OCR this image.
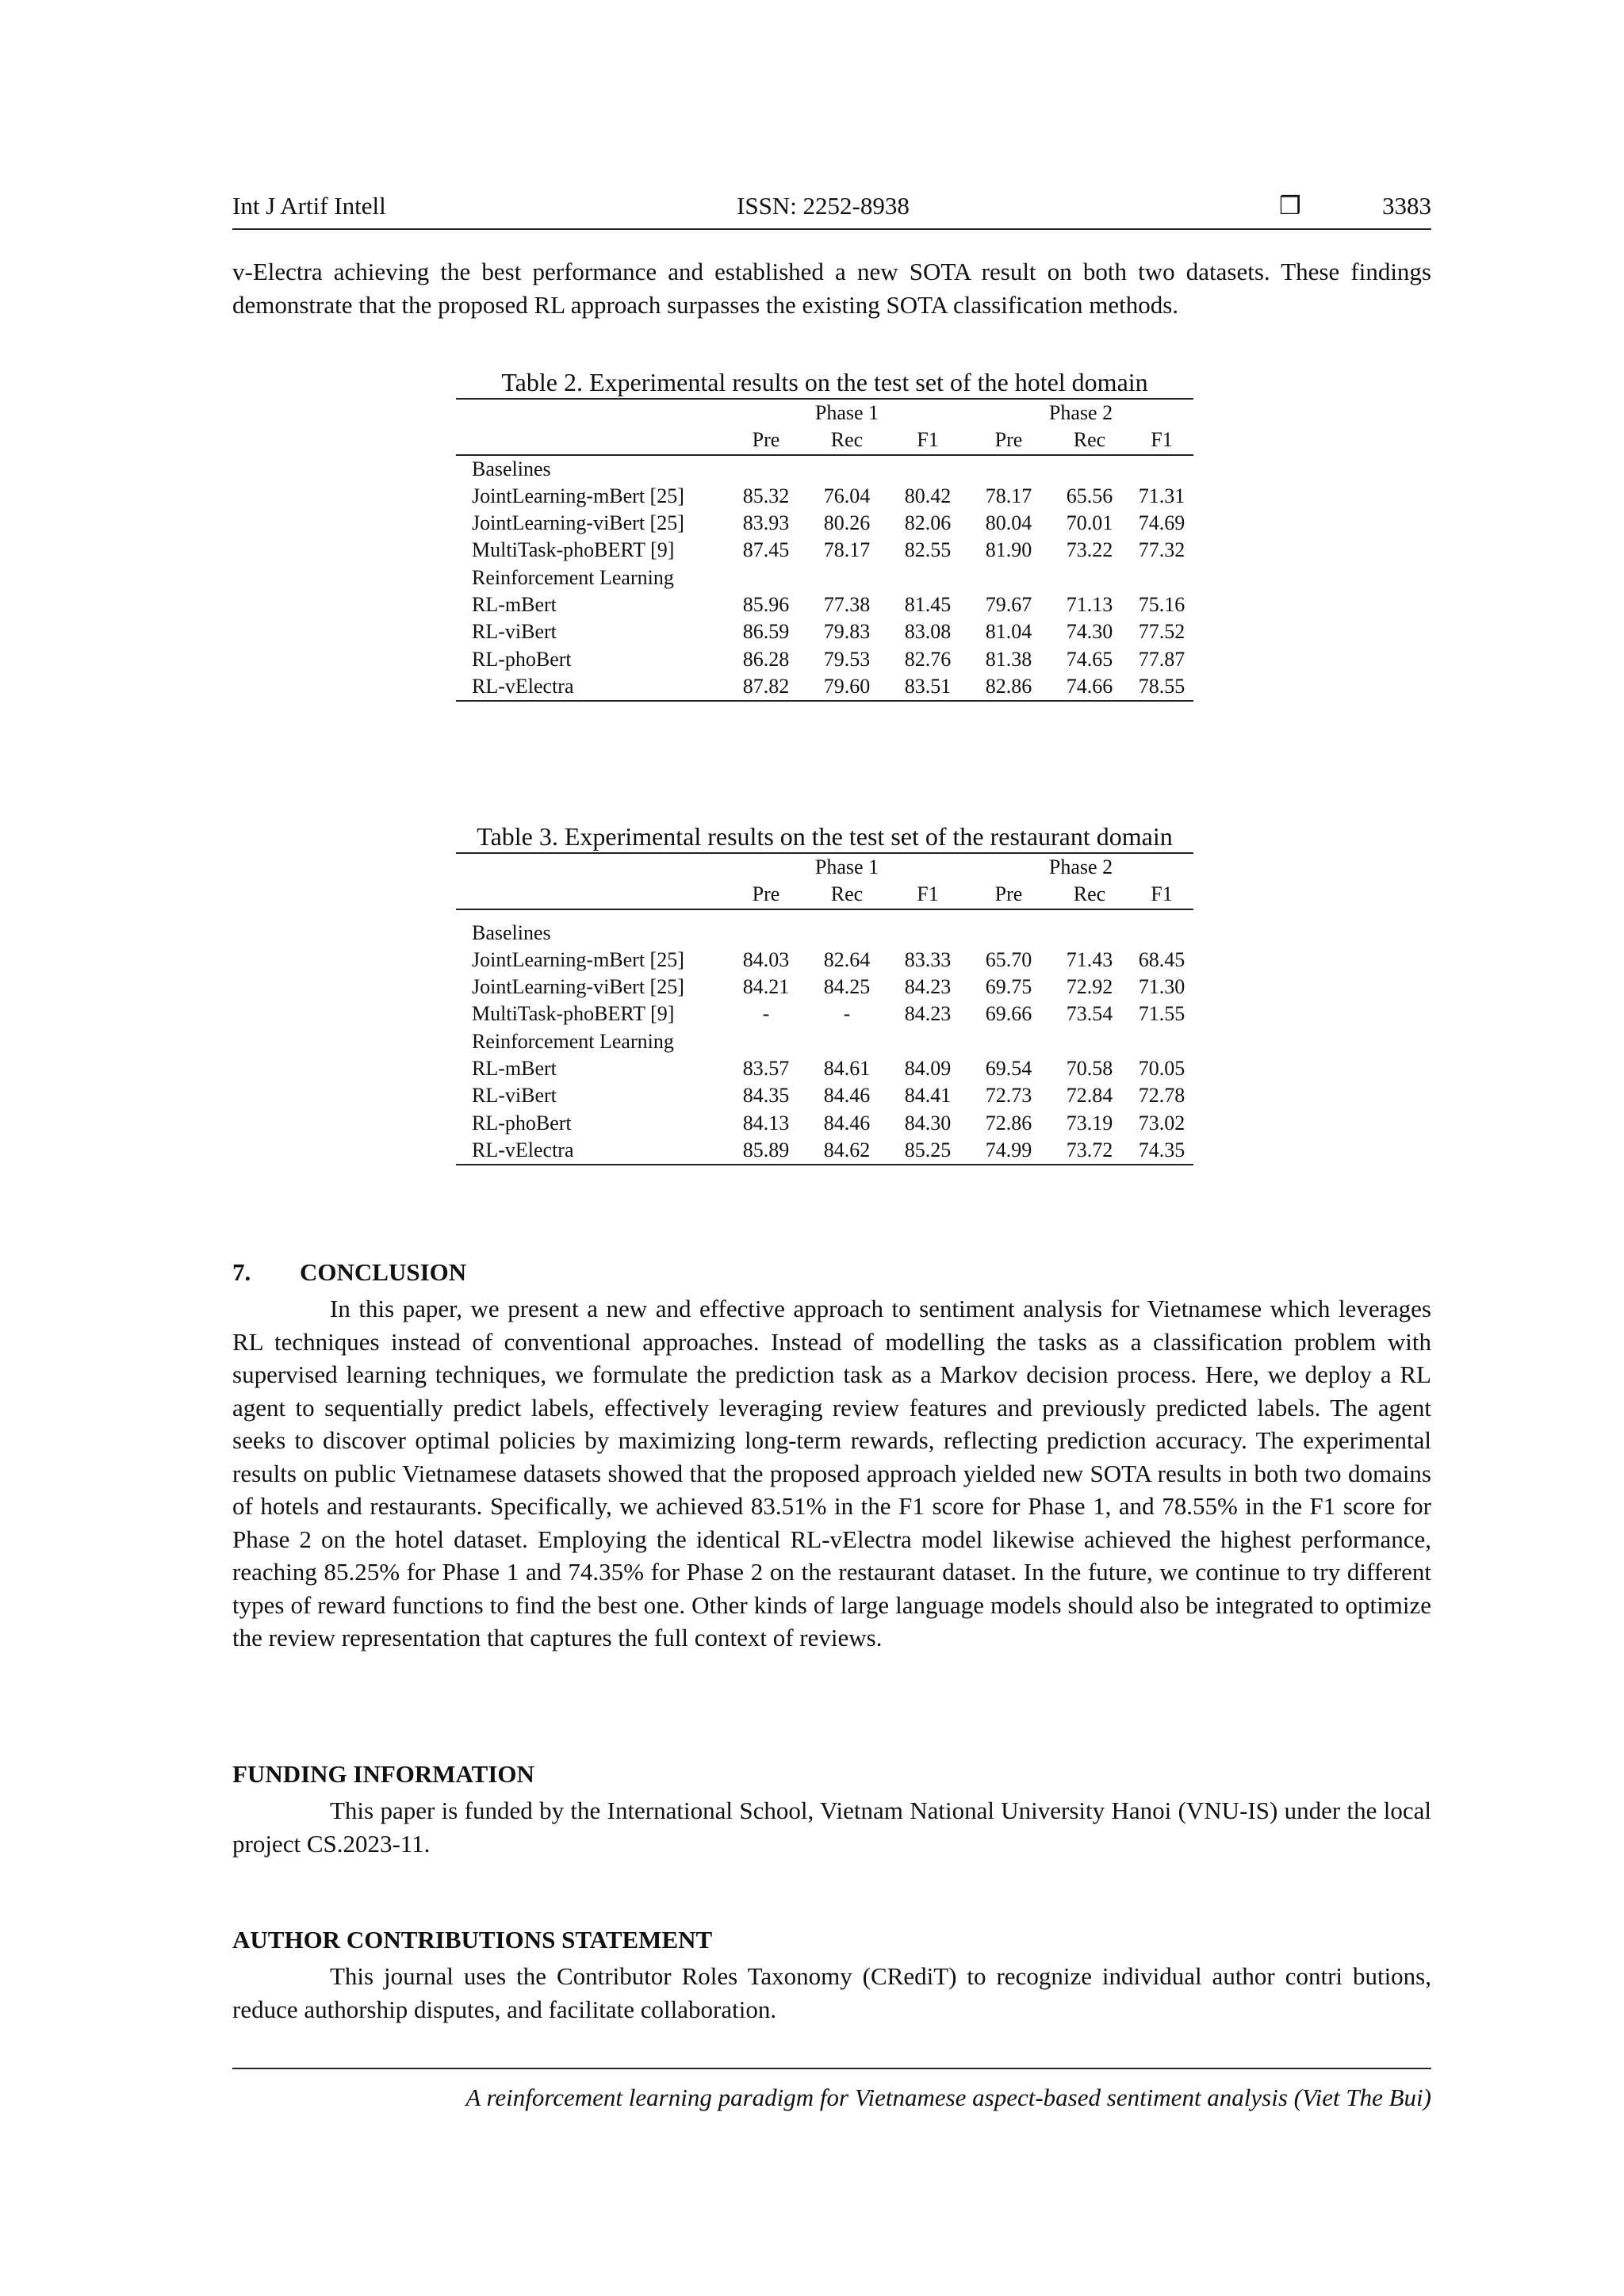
Int J Artif Intell	ISSN: 2252-8938	❒	3383

v-Electra achieving the best performance and established a new SOTA result on both two datasets. These findings demonstrate that the proposed RL approach surpasses the existing SOTA classification methods.

Table 2. Experimental results on the test set of the hotel domain
	Phase 1			Phase 2		
	Pre	Rec	F1	Pre	Rec	F1
Baselines						
JointLearning-mBert [25]	85.32	76.04	80.42	78.17	65.56	71.31
JointLearning-viBert [25]	83.93	80.26	82.06	80.04	70.01	74.69
MultiTask-phoBERT [9]	87.45	78.17	82.55	81.90	73.22	77.32
Reinforcement Learning						
RL-mBert	85.96	77.38	81.45	79.67	71.13	75.16
RL-viBert	86.59	79.83	83.08	81.04	74.30	77.52
RL-phoBert	86.28	79.53	82.76	81.38	74.65	77.87
RL-vElectra	87.82	79.60	83.51	82.86	74.66	78.55
Table 3. Experimental results on the test set of the restaurant domain
	Phase 1			Phase 2		
	Pre	Rec	F1	Pre	Rec	F1

Baselines						
JointLearning-mBert [25]	84.03	82.64	83.33	65.70	71.43	68.45
JointLearning-viBert [25]	84.21	84.25	84.23	69.75	72.92	71.30
MultiTask-phoBERT [9]	-	-	84.23	69.66	73.54	71.55
Reinforcement Learning						
RL-mBert	83.57	84.61	84.09	69.54	70.58	70.05
RL-viBert	84.35	84.46	84.41	72.73	72.84	72.78
RL-phoBert	84.13	84.46	84.30	72.86	73.19	73.02
RL-vElectra	85.89	84.62	85.25	74.99	73.72	74.35
7. CONCLUSION

In this paper, we present a new and effective approach to sentiment analysis for Vietnamese which leverages RL techniques instead of conventional approaches. Instead of modelling the tasks as a classification problem with supervised learning techniques, we formulate the prediction task as a Markov decision process. Here, we deploy a RL agent to sequentially predict labels, effectively leveraging review features and previously predicted labels. The agent seeks to discover optimal policies by maximizing long-term rewards, reflecting prediction accuracy. The experimental results on public Vietnamese datasets showed that the proposed approach yielded new SOTA results in both two domains of hotels and restaurants. Specifically, we achieved 83.51% in the F1 score for Phase 1, and 78.55% in the F1 score for Phase 2 on the hotel dataset. Employing the identical RL-vElectra model likewise achieved the highest performance, reaching 85.25% for Phase 1 and 74.35% for Phase 2 on the restaurant dataset. In the future, we continue to try different types of reward functions to find the best one. Other kinds of large language models should also be integrated to optimize the review representation that captures the full context of reviews.

FUNDING INFORMATION

This paper is funded by the International School, Vietnam National University Hanoi (VNU-IS) under the local project CS.2023-11.

AUTHOR CONTRIBUTIONS STATEMENT

This journal uses the Contributor Roles Taxonomy (CRediT) to recognize individual author contri butions, reduce authorship disputes, and facilitate collaboration.

A reinforcement learning paradigm for Vietnamese aspect-based sentiment analysis (Viet The Bui)
